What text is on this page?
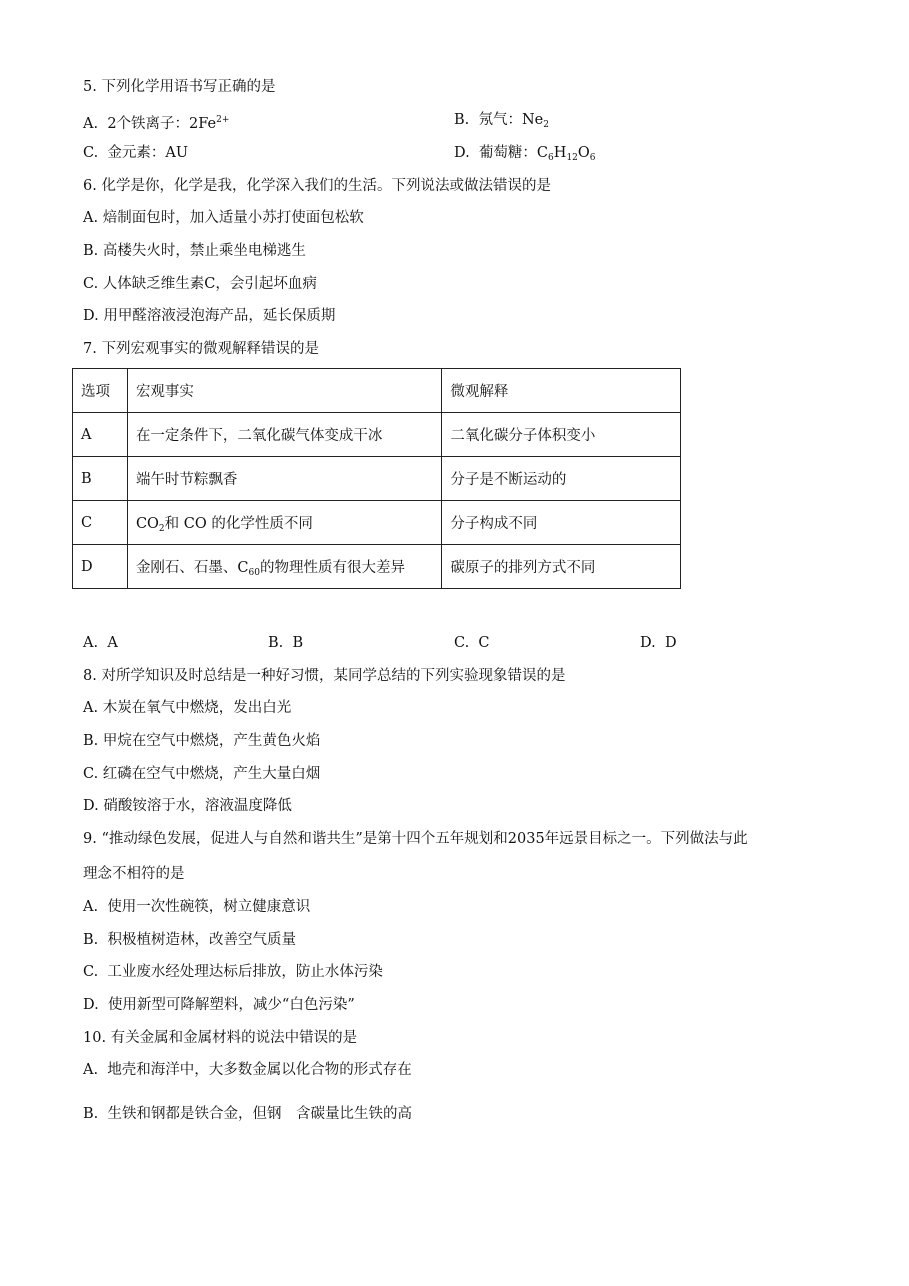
5. 下列化学用语书写正确的是
A. 2个铁离子：$2Fe^{2+}$	B. 氖气：$Ne_2$
C. 金元素：AU	D. 葡萄糖：$C_6H_{12}O_6$
6. 化学是你，化学是我，化学深入我们的生活。下列说法或做法错误的是
A. 焙制面包时，加入适量小苏打使面包松软
B. 高楼失火时，禁止乘坐电梯逃生
C. 人体缺乏维生素C，会引起坏血病
D. 用甲醛溶液浸泡海产品，延长保质期
7. 下列宏观事实的微观解释错误的是
选项	宏观事实	微观解释
A	在一定条件下，二氧化碳气体变成干冰	二氧化碳分子体积变小
B	端午时节粽飘香	分子是不断运动的
C	$CO_2$和 CO 的化学性质不同	分子构成不同
D	金刚石、石墨、$C_{60}$的物理性质有很大差异	碳原子的排列方式不同
A. A	B. B	C. C	D. D
8. 对所学知识及时总结是一种好习惯，某同学总结的下列实验现象错误的是
A. 木炭在氧气中燃烧，发出白光
B. 甲烷在空气中燃烧，产生黄色火焰
C. 红磷在空气中燃烧，产生大量白烟
D. 硝酸铵溶于水，溶液温度降低
9. “推动绿色发展，促进人与自然和谐共生”是第十四个五年规划和2035年远景目标之一。下列做法与此
理念不相符的是
A. 使用一次性碗筷，树立健康意识
B. 积极植树造林，改善空气质量
C. 工业废水经处理达标后排放，防止水体污染
D. 使用新型可降解塑料，减少“白色污染”
10. 有关金属和金属材料的说法中错误的是
A. 地壳和海洋中，大多数金属以化合物的形式存在
B. 生铁和钢都是铁合金，但钢　含碳量比生铁的高
